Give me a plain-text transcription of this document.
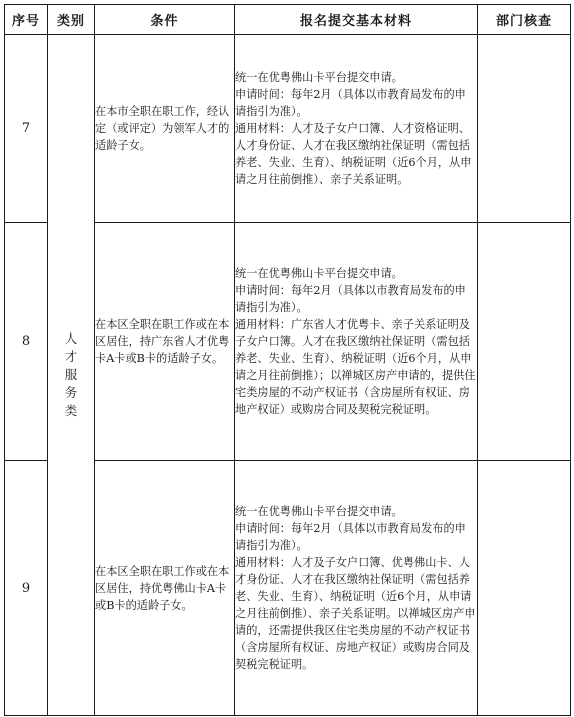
序号	类别	条件	报名提交基本材料	部门核查
7	人才服务类	在本市全职在职工作，经认定（或评定）为领军人才的适龄子女。	统一在优粤佛山卡平台提交申请。

申请时间：每年2月（具体以市教育局发布的申请指引为准）。

通用材料：人才及子女户口簿、人才资格证明、人才身份证、人才在我区缴纳社保证明（需包括养老、失业、生育）、纳税证明（近6个月，从申请之月往前倒推）、亲子关系证明。	

8		在本区全职在职工作或在本区居住，持广东省人才优粤卡A卡或B卡的适龄子女。	统一在优粤佛山卡平台提交申请。

申请时间：每年2月（具体以市教育局发布的申请指引为准）。

通用材料：广东省人才优粤卡、亲子关系证明及子女户口簿。人才在我区缴纳社保证明（需包括养老、失业、生育）、纳税证明（近6个月，从申请之月往前倒推）；以禅城区房产申请的，提供住宅类房屋的不动产权证书（含房屋所有权证、房地产权证）或购房合同及契税完税证明。	

9		在本区全职在职工作或在本区居住，持优粤佛山卡A卡或B卡的适龄子女。	统一在优粤佛山卡平台提交申请。

申请时间：每年2月（具体以市教育局发布的申请指引为准）。

通用材料：人才及子女户口簿、优粤佛山卡、人才身份证、人才在我区缴纳社保证明（需包括养老、失业、生育）、纳税证明（近6个月，从申请之月往前倒推）、亲子关系证明。以禅城区房产申请的，还需提供我区住宅类房屋的不动产权证书（含房屋所有权证、房地产权证）或购房合同及契税完税证明。	
